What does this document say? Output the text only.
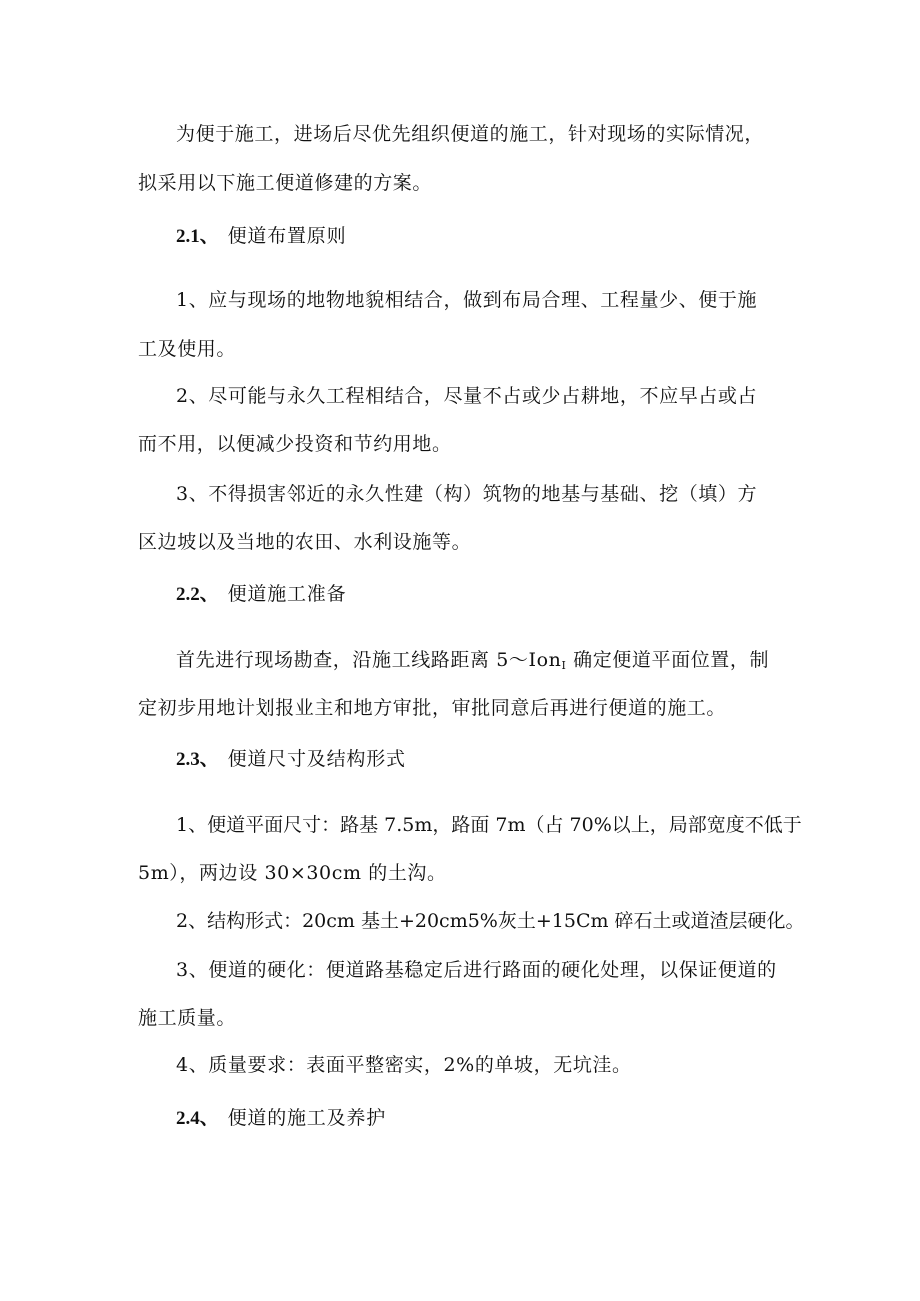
为便于施工，进场后尽优先组织便道的施工，针对现场的实际情况，
拟采用以下施工便道修建的方案。
2.1、 便道布置原则
1、应与现场的地物地貌相结合，做到布局合理、工程量少、便于施
工及使用。
2、尽可能与永久工程相结合，尽量不占或少占耕地，不应早占或占
而不用，以便减少投资和节约用地。
3、不得损害邻近的永久性建（构）筑物的地基与基础、挖（填）方
区边坡以及当地的农田、水利设施等。
2.2、 便道施工准备
首先进行现场勘查，沿施工线路距离 5～Ion$_I$ 确定便道平面位置，制
定初步用地计划报业主和地方审批，审批同意后再进行便道的施工。
2.3、 便道尺寸及结构形式
1、便道平面尺寸：路基 7.5m，路面 7m（占 70%以上，局部宽度不低于
5m），两边设 30×30cm 的土沟。
2、结构形式：20cm 基土+20cm5%灰土+15Cm 碎石土或道渣层硬化。
3、便道的硬化：便道路基稳定后进行路面的硬化处理，以保证便道的
施工质量。
4、质量要求：表面平整密实，2%的单坡，无坑洼。
2.4、 便道的施工及养护
